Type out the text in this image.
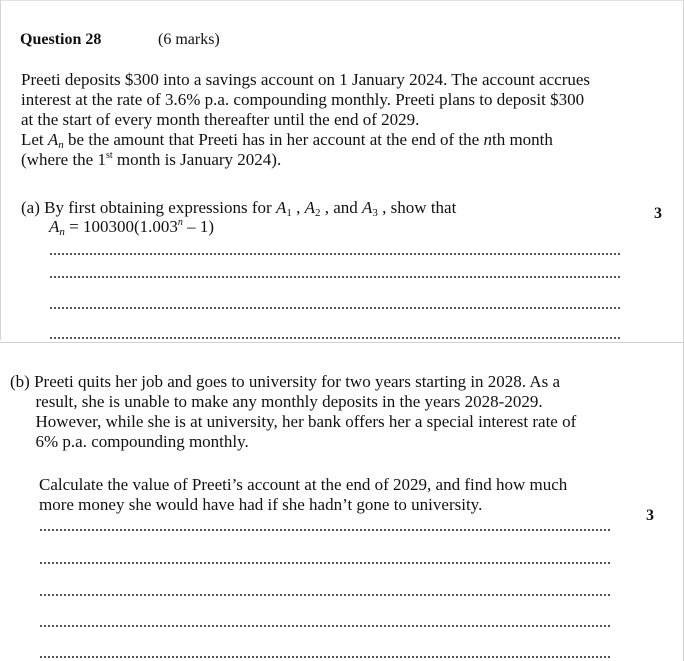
Question 28	(6 marks)
Preeti deposits $300 into a savings account on 1 January 2024. The account accrues
interest at the rate of 3.6% p.a. compounding monthly. Preeti plans to deposit $300
at the start of every month thereafter until the end of 2029.
Let $A_n$ be the amount that Preeti has in her account at the end of the nth month
(where the 1st month is January 2024).
(a) By first obtaining expressions for $A_1$ , $A_2$ , and $A_3$ , show that
$A_n = 100300(1.003^n - 1)$
3
(b) Preeti quits her job and goes to university for two years starting in 2028. As a
result, she is unable to make any monthly deposits in the years 2028-2029.
However, while she is at university, her bank offers her a special interest rate of
6% p.a. compounding monthly.
Calculate the value of Preeti’s account at the end of 2029, and find how much
more money she would have had if she hadn’t gone to university.
3
